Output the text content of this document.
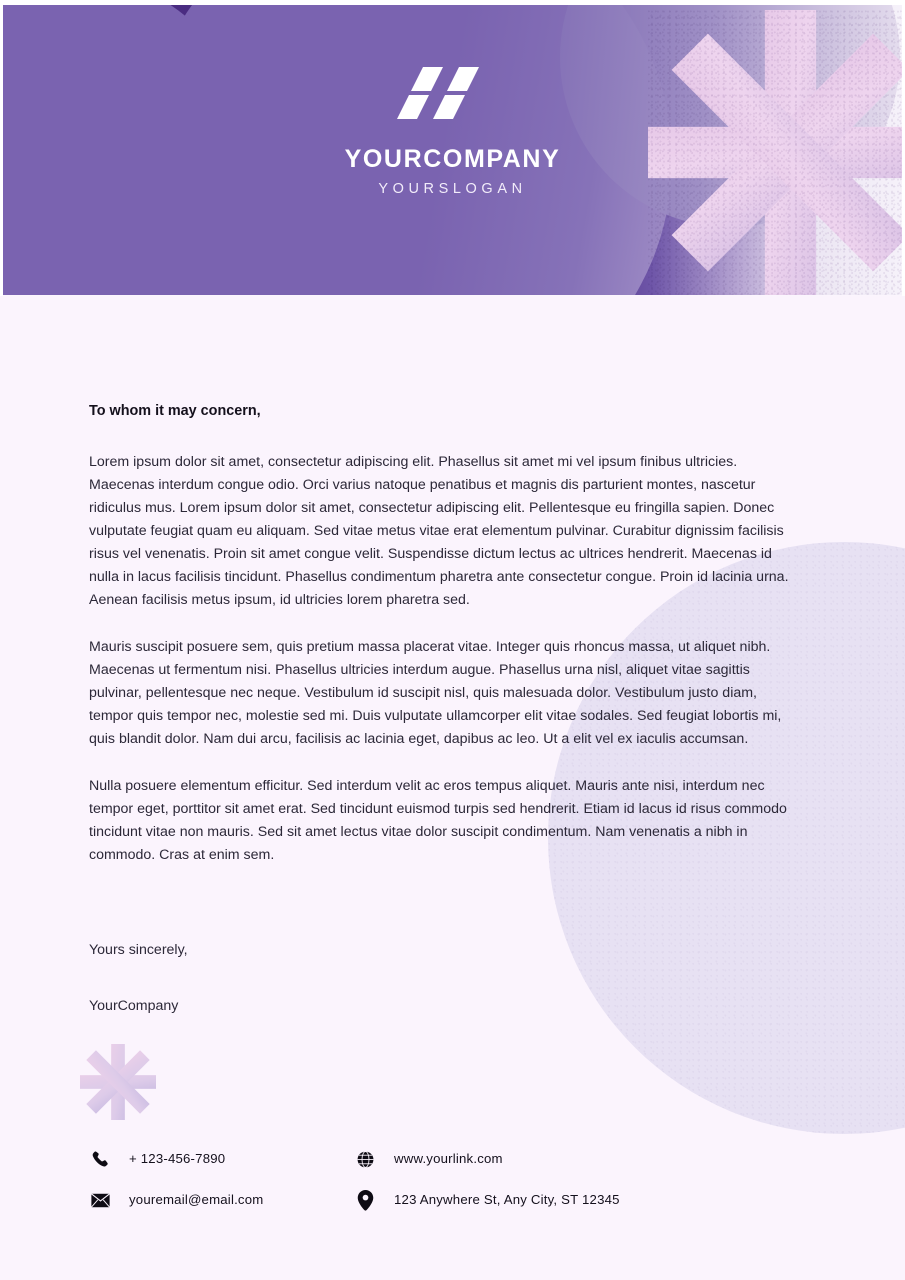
YOURCOMPANY

YOURSLOGAN

To whom it may concern,

Lorem ipsum dolor sit amet, consectetur adipiscing elit. Phasellus sit amet mi vel ipsum finibus ultricies. Maecenas interdum congue odio. Orci varius natoque penatibus et magnis dis parturient montes, nascetur ridiculus mus. Lorem ipsum dolor sit amet, consectetur adipiscing elit. Pellentesque eu fringilla sapien. Donec vulputate feugiat quam eu aliquam. Sed vitae metus vitae erat elementum pulvinar. Curabitur dignissim facilisis risus vel venenatis. Proin sit amet congue velit. Suspendisse dictum lectus ac ultrices hendrerit. Maecenas id nulla in lacus facilisis tincidunt. Phasellus condimentum pharetra ante consectetur congue. Proin id lacinia urna. Aenean facilisis metus ipsum, id ultricies lorem pharetra sed.

Mauris suscipit posuere sem, quis pretium massa placerat vitae. Integer quis rhoncus massa, ut aliquet nibh. Maecenas ut fermentum nisi. Phasellus ultricies interdum augue. Phasellus urna nisl, aliquet vitae sagittis pulvinar, pellentesque nec neque. Vestibulum id suscipit nisl, quis malesuada dolor. Vestibulum justo diam, tempor quis tempor nec, molestie sed mi. Duis vulputate ullamcorper elit vitae sodales. Sed feugiat lobortis mi, quis blandit dolor. Nam dui arcu, facilisis ac lacinia eget, dapibus ac leo. Ut a elit vel ex iaculis accumsan.

Nulla posuere elementum efficitur. Sed interdum velit ac eros tempus aliquet. Mauris ante nisi, interdum nec tempor eget, porttitor sit amet erat. Sed tincidunt euismod turpis sed hendrerit. Etiam id lacus id risus commodo tincidunt vitae non mauris. Sed sit amet lectus vitae dolor suscipit condimentum. Nam venenatis a nibh in commodo. Cras at enim sem.

Yours sincerely,

YourCompany

+ 123-456-7890	www.yourlink.com
youremail@email.com	123 Anywhere St, Any City, ST 12345
